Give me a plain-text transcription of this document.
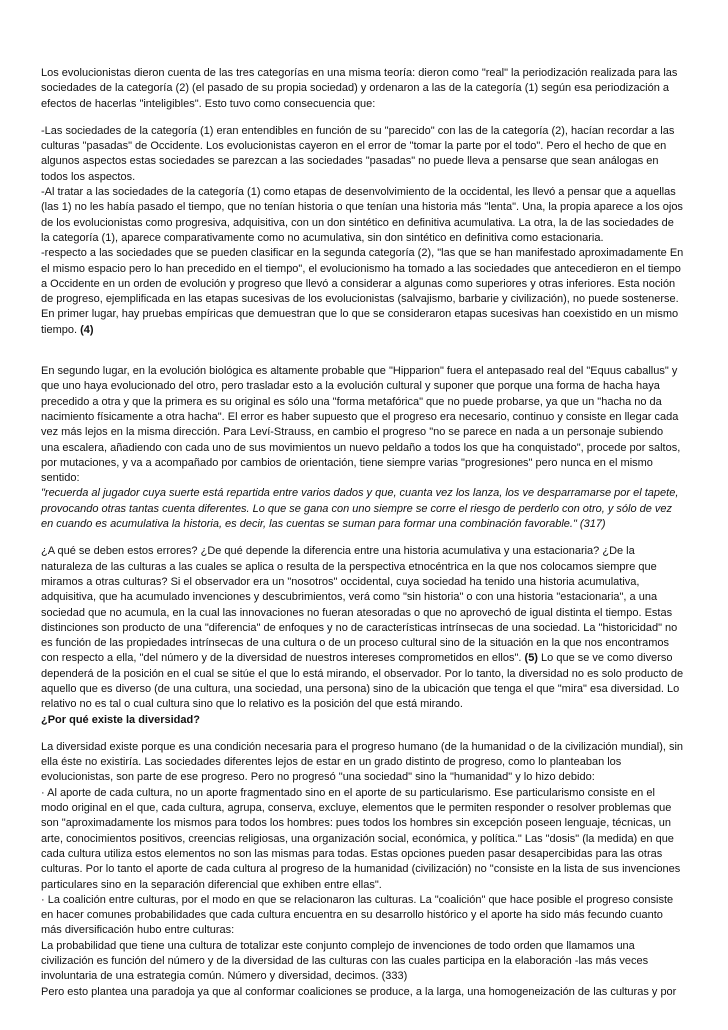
Los evolucionistas dieron cuenta de las tres categorías en una misma teoría: dieron como "real" la periodización realizada para las sociedades de la categoría (2) (el pasado de su propia sociedad) y ordenaron a las de la categoría (1) según esa periodización a efectos de hacerlas "inteligibles". Esto tuvo como consecuencia que:

-Las sociedades de la categoría (1) eran entendibles en función de su "parecido" con las de la categoría (2), hacían recordar a las culturas "pasadas" de Occidente. Los evolucionistas cayeron en el error de "tomar la parte por el todo". Pero el hecho de que en algunos aspectos estas sociedades se parezcan a las sociedades "pasadas" no puede lleva a pensarse que sean análogas en todos los aspectos.

-Al tratar a las sociedades de la categoría (1) como etapas de desenvolvimiento de la occidental, les llevó a pensar que a aquellas (las 1) no les había pasado el tiempo, que no tenían historia o que tenían una historia más "lenta". Una, la propia aparece a los ojos de los evolucionistas como progresiva, adquisitiva, con un don sintético en definitiva acumulativa. La otra, la de las sociedades de la categoría (1), aparece comparativamente como no acumulativa, sin don sintético en definitiva como estacionaria.

-respecto a las sociedades que se pueden clasificar en la segunda categoría (2), "las que se han manifestado aproximadamente En el mismo espacio pero lo han precedido en el tiempo", el evolucionismo ha tomado a las sociedades que antecedieron en el tiempo a Occidente en un orden de evolución y progreso que llevó a considerar a algunas como superiores y otras inferiores. Esta noción de progreso, ejemplificada en las etapas sucesivas de los evolucionistas (salvajismo, barbarie y civilización), no puede sostenerse. En primer lugar, hay pruebas empíricas que demuestran que lo que se consideraron etapas sucesivas han coexistido en un mismo tiempo. (4)

En segundo lugar, en la evolución biológica es altamente probable que "Hipparion" fuera el antepasado real del "Equus caballus" y que uno haya evolucionado del otro, pero trasladar esto a la evolución cultural y suponer que porque una forma de hacha haya precedido a otra y que la primera es su original es sólo una "forma metafórica" que no puede probarse, ya que un "hacha no da nacimiento físicamente a otra hacha". El error es haber supuesto que el progreso era necesario, continuo y consiste en llegar cada vez más lejos en la misma dirección. Para Leví-Strauss, en cambio el progreso "no se parece en nada a un personaje subiendo una escalera, añadiendo con cada uno de sus movimientos un nuevo peldaño a todos los que ha conquistado", procede por saltos, por mutaciones, y va a acompañado por cambios de orientación, tiene siempre varias "progresiones" pero nunca en el mismo sentido:

"recuerda al jugador cuya suerte está repartida entre varios dados y que, cuanta vez los lanza, los ve desparramarse por el tapete, provocando otras tantas cuenta diferentes. Lo que se gana con uno siempre se corre el riesgo de perderlo con otro, y sólo de vez en cuando es acumulativa la historia, es decir, las cuentas se suman para formar una combinación favorable." (317)

¿A qué se deben estos errores? ¿De qué depende la diferencia entre una historia acumulativa y una estacionaria? ¿De la naturaleza de las culturas a las cuales se aplica o resulta de la perspectiva etnocéntrica en la que nos colocamos siempre que miramos a otras culturas? Si el observador era un "nosotros" occidental, cuya sociedad ha tenido una historia acumulativa, adquisitiva, que ha acumulado invenciones y descubrimientos, verá como "sin historia" o con una historia "estacionaria", a una sociedad que no acumula, en la cual las innovaciones no fueran atesoradas o que no aprovechó de igual distinta el tiempo. Estas distinciones son producto de una "diferencia" de enfoques y no de características intrínsecas de una sociedad. La "historicidad" no es función de las propiedades intrínsecas de una cultura o de un proceso cultural sino de la situación en la que nos encontramos con respecto a ella, "del número y de la diversidad de nuestros intereses comprometidos en ellos". (5) Lo que se ve como diverso dependerá de la posición en el cual se sitúe el que lo está mirando, el observador. Por lo tanto, la diversidad no es solo producto de aquello que es diverso (de una cultura, una sociedad, una persona) sino de la ubicación que tenga el que "mira" esa diversidad. Lo relativo no es tal o cual cultura sino que lo relativo es la posición del que está mirando.

¿Por qué existe la diversidad?

La diversidad existe porque es una condición necesaria para el progreso humano (de la humanidad o de la civilización mundial), sin ella éste no existiría. Las sociedades diferentes lejos de estar en un grado distinto de progreso, como lo planteaban los evolucionistas, son parte de ese progreso. Pero no progresó "una sociedad" sino la "humanidad" y lo hizo debido:

· Al aporte de cada cultura, no un aporte fragmentado sino en el aporte de su particularismo. Ese particularismo consiste en el modo original en el que, cada cultura, agrupa, conserva, excluye, elementos que le permiten responder o resolver problemas que son "aproximadamente los mismos para todos los hombres: pues todos los hombres sin excepción poseen lenguaje, técnicas, un arte, conocimientos positivos, creencias religiosas, una organización social, económica, y política." Las "dosis" (la medida) en que cada cultura utiliza estos elementos no son las mismas para todas. Estas opciones pueden pasar desapercibidas para las otras culturas. Por lo tanto el aporte de cada cultura al progreso de la humanidad (civilización) no "consiste en la lista de sus invenciones particulares sino en la separación diferencial que exhiben entre ellas".

· La coalición entre culturas, por el modo en que se relacionaron las culturas. La "coalición" que hace posible el progreso consiste en hacer comunes probabilidades que cada cultura encuentra en su desarrollo histórico y el aporte ha sido más fecundo cuanto más diversificación hubo entre culturas:

La probabilidad que tiene una cultura de totalizar este conjunto complejo de invenciones de todo orden que llamamos una civilización es función del número y de la diversidad de las culturas con las cuales participa en la elaboración -las más veces involuntaria de una estrategia común. Número y diversidad, decimos. (333)

Pero esto plantea una paradoja ya que al conformar coaliciones se produce, a la larga, una homogeneización de las culturas y por
